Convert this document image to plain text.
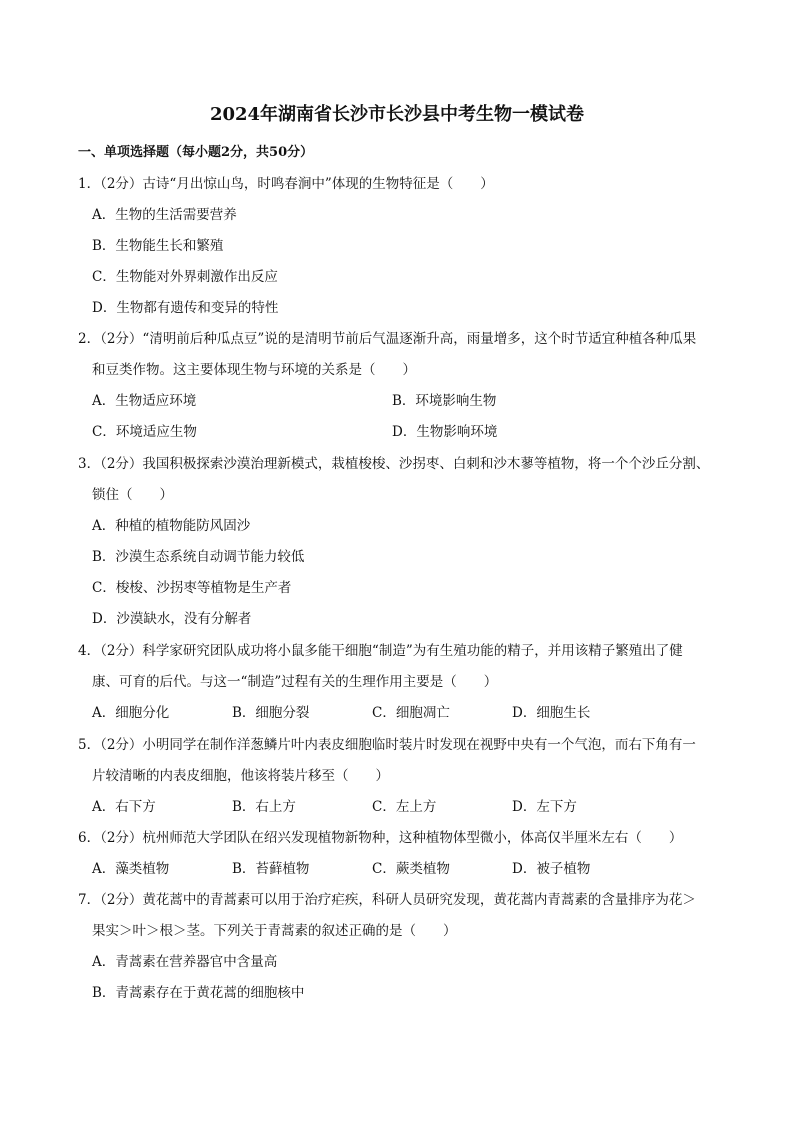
2024年湖南省长沙市长沙县中考生物一模试卷
一、单项选择题（每小题2分，共50分）
1．（2分）古诗“月出惊山鸟，时鸣春涧中”体现的生物特征是（　　）
A．生物的生活需要营养
B．生物能生长和繁殖
C．生物能对外界刺激作出反应
D．生物都有遗传和变异的特性
2．（2分）“清明前后种瓜点豆”说的是清明节前后气温逐渐升高，雨量增多，这个时节适宜种植各种瓜果
和豆类作物。这主要体现生物与环境的关系是（　　）
A．生物适应环境	B．环境影响生物
C．环境适应生物	D．生物影响环境
3．（2分）我国积极探索沙漠治理新模式，栽植梭梭、沙拐枣、白刺和沙木蓼等植物，将一个个沙丘分割、
锁住（　　）
A．种植的植物能防风固沙
B．沙漠生态系统自动调节能力较低
C．梭梭、沙拐枣等植物是生产者
D．沙漠缺水，没有分解者
4．（2分）科学家研究团队成功将小鼠多能干细胞“制造”为有生殖功能的精子，并用该精子繁殖出了健
康、可育的后代。与这一“制造”过程有关的生理作用主要是（　　）
A．细胞分化	B．细胞分裂	C．细胞凋亡	D．细胞生长
5．（2分）小明同学在制作洋葱鳞片叶内表皮细胞临时装片时发现在视野中央有一个气泡，而右下角有一
片较清晰的内表皮细胞，他该将装片移至（　　）
A．右下方	B．右上方	C．左上方	D．左下方
6．（2分）杭州师范大学团队在绍兴发现植物新物种，这种植物体型微小，体高仅半厘米左右（　　）
A．藻类植物	B．苔藓植物	C．蕨类植物	D．被子植物
7．（2分）黄花蒿中的青蒿素可以用于治疗疟疾，科研人员研究发现，黄花蒿内青蒿素的含量排序为花＞
果实＞叶＞根＞茎。下列关于青蒿素的叙述正确的是（　　）
A．青蒿素在营养器官中含量高
B．青蒿素存在于黄花蒿的细胞核中
